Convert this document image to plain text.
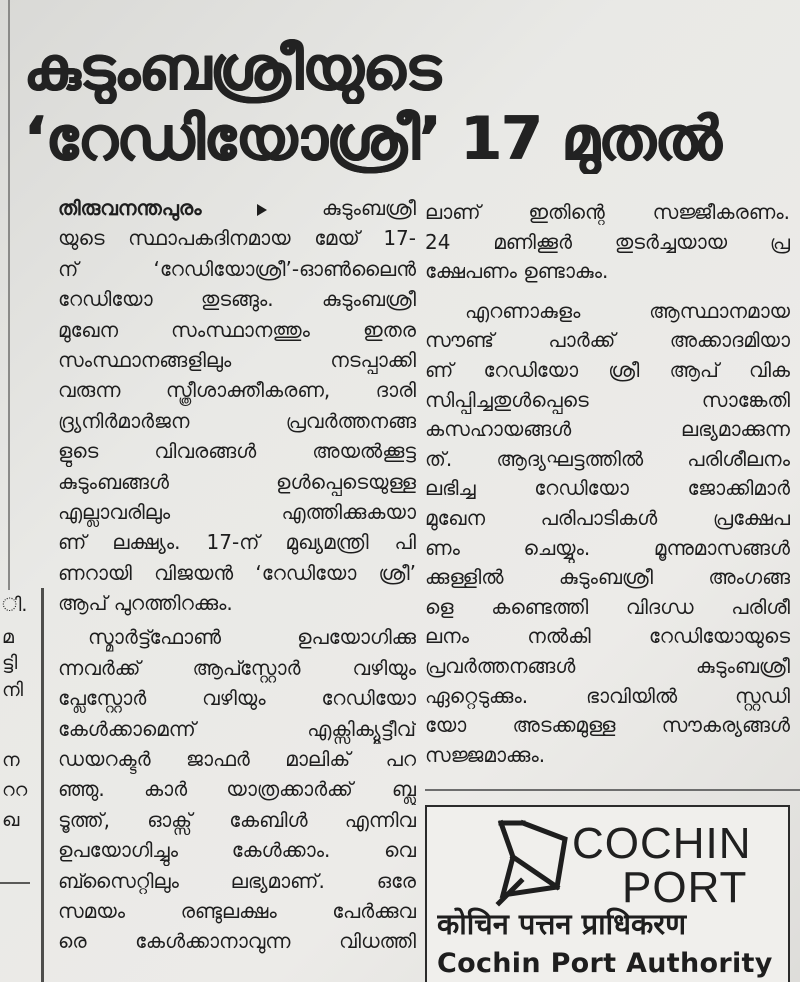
ി.
മ
ട്ടി
നി
ന
ററ
ഖ
കുടുംബശ്രീയുടെ
‘റേഡിയോശ്രീ’ 17 മുതൽ
തിരുവനന്തപുരം	കുടുംബശ്രീ
യുടെ സ്ഥാപകദിനമായ മേയ് 17-
ന് ‘റേഡിയോശ്രീ’-ഓൺലൈൻ
റേഡിയോ തുടങ്ങും. കുടുംബശ്രീ
മുഖേന സംസ്ഥാനത്തും ഇതര
സംസ്ഥാനങ്ങളിലും നടപ്പാക്കി
വരുന്ന സ്ത്രീശാക്തീകരണ, ദാരി
ദ്ര്യനിർമാർജന പ്രവർത്തനങ്ങ
ളുടെ വിവരങ്ങൾ അയൽക്കൂട്ട
കുടുംബങ്ങൾ ഉൾപ്പെടെയുള്ള
എല്ലാവരിലും എത്തിക്കുകയാ
ണ് ലക്ഷ്യം. 17-ന് മുഖ്യമന്ത്രി പി
ണറായി വിജയൻ ‘റേഡിയോ ശ്രീ’
ആപ് പുറത്തിറക്കും.
സ്മാർട്ട്ഫോൺ ഉപയോഗിക്കു
ന്നവർക്ക് ആപ്സ്റ്റോർ വഴിയും
പ്ലേസ്റ്റോർ വഴിയും റേഡിയോ
കേൾക്കാമെന്ന് എക്സിക്യൂട്ടീവ്
ഡയറക്ടർ ജാഫർ മാലിക് പറ
ഞ്ഞു. കാർ യാത്രക്കാർക്ക് ബ്ലൂ
ടൂത്ത്, ഓക്സ് കേബിൾ എന്നിവ
ഉപയോഗിച്ചും കേൾക്കാം. വെ
ബ്സൈറ്റിലും ലഭ്യമാണ്. ഒരേ
സമയം രണ്ടുലക്ഷം പേർക്കുവ
രെ കേൾക്കാനാവുന്ന വിധത്തി
ലാണ് ഇതിന്റെ സജ്ജീകരണം.
24 മണിക്കൂർ തുടർച്ചയായ പ്ര
ക്ഷേപണം ഉണ്ടാകും.
എറണാകുളം ആസ്ഥാനമായ
സൗണ്ട് പാർക്ക് അക്കാദമിയാ
ണ് റേഡിയോ ശ്രീ ആപ് വിക
സിപ്പിച്ചതുൾപ്പെടെ സാങ്കേതി
കസഹായങ്ങൾ ലഭ്യമാക്കുന്ന
ത്. ആദ്യഘട്ടത്തിൽ പരിശീലനം
ലഭിച്ച റേഡിയോ ജോക്കിമാർ
മുഖേന പരിപാടികൾ പ്രക്ഷേപ
ണം ചെയ്യും. മൂന്നുമാസങ്ങൾ
ക്കുള്ളിൽ കുടുംബശ്രീ അംഗങ്ങ
ളെ കണ്ടെത്തി വിദഗ്ധ പരിശീ
ലനം നൽകി റേഡിയോയുടെ
പ്രവർത്തനങ്ങൾ കുടുംബശ്രീ
ഏറ്റെടുക്കും. ഭാവിയിൽ സ്റ്റുഡി
യോ അടക്കമുള്ള സൗകര്യങ്ങൾ
സജ്ജമാക്കും.
COCHIN
PORT
कोचिन पत्तन प्राधिकरण
Cochin Port Authority
